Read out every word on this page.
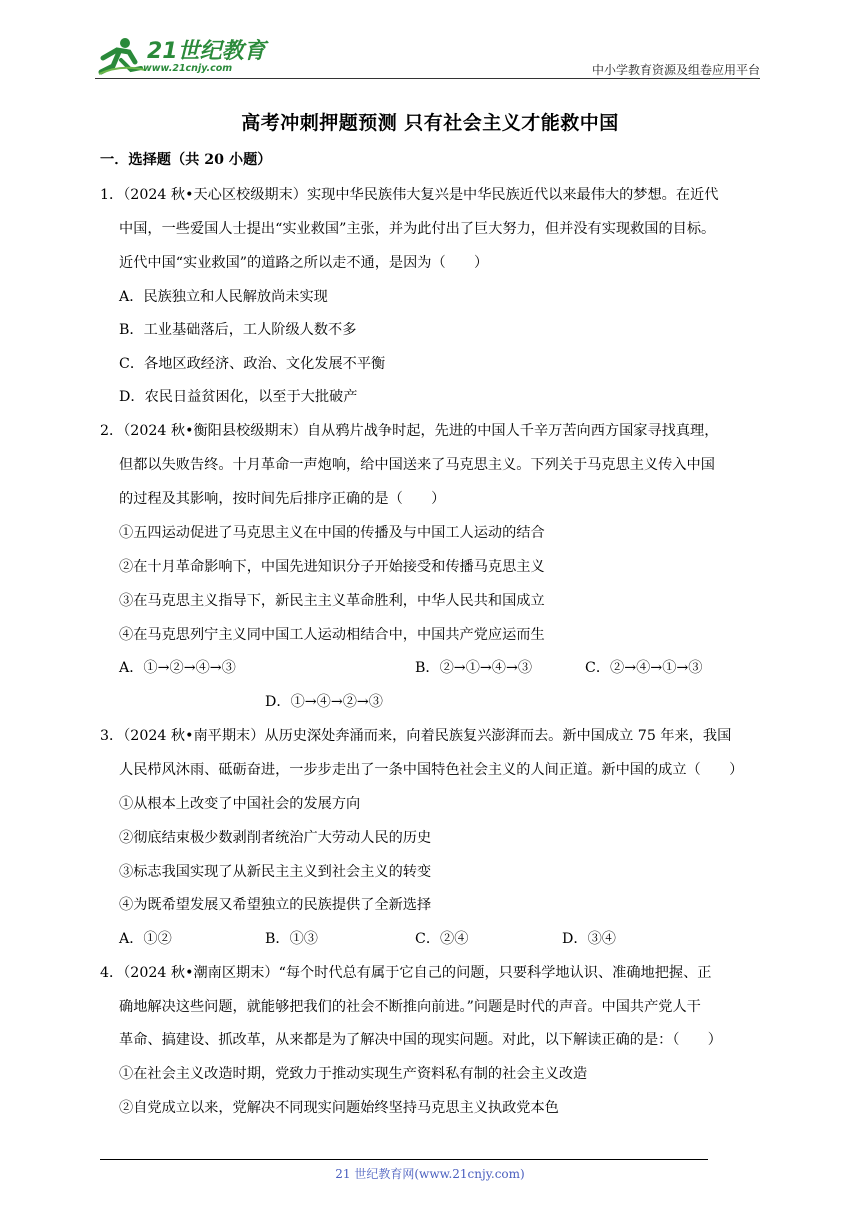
21世纪教育
www.21cnjy.com	中小学教育资源及组卷应用平台
高考冲刺押题预测 只有社会主义才能救中国
一．选择题（共 20 小题）
1．（2024 秋•天心区校级期末）实现中华民族伟大复兴是中华民族近代以来最伟大的梦想。在近代
中国，一些爱国人士提出“实业救国”主张，并为此付出了巨大努力，但并没有实现救国的目标。
近代中国“实业救国”的道路之所以走不通，是因为（　　）
A．民族独立和人民解放尚未实现
B．工业基础落后，工人阶级人数不多
C．各地区政经济、政治、文化发展不平衡
D．农民日益贫困化，以至于大批破产
2．（2024 秋•衡阳县校级期末）自从鸦片战争时起，先进的中国人千辛万苦向西方国家寻找真理，
但都以失败告终。十月革命一声炮响，给中国送来了马克思主义。下列关于马克思主义传入中国
的过程及其影响，按时间先后排序正确的是（　　）
①五四运动促进了马克思主义在中国的传播及与中国工人运动的结合
②在十月革命影响下，中国先进知识分子开始接受和传播马克思主义
③在马克思主义指导下，新民主主义革命胜利，中华人民共和国成立
④在马克思列宁主义同中国工人运动相结合中，中国共产党应运而生
A．①→②→④→③	B．②→①→④→③	C．②→④→①→③
D．①→④→②→③
3．（2024 秋•南平期末）从历史深处奔涌而来，向着民族复兴澎湃而去。新中国成立 75 年来，我国
人民栉风沐雨、砥砺奋进，一步步走出了一条中国特色社会主义的人间正道。新中国的成立（　　）
①从根本上改变了中国社会的发展方向
②彻底结束极少数剥削者统治广大劳动人民的历史
③标志我国实现了从新民主主义到社会主义的转变
④为既希望发展又希望独立的民族提供了全新选择
A．①②	B．①③	C．②④	D．③④
4．（2024 秋•潮南区期末）“每个时代总有属于它自己的问题，只要科学地认识、准确地把握、正
确地解决这些问题，就能够把我们的社会不断推向前进。”问题是时代的声音。中国共产党人干
革命、搞建设、抓改革，从来都是为了解决中国的现实问题。对此，以下解读正确的是：（　　）
①在社会主义改造时期，党致力于推动实现生产资料私有制的社会主义改造
②自党成立以来，党解决不同现实问题始终坚持马克思主义执政党本色
21 世纪教育网(www.21cnjy.com)
